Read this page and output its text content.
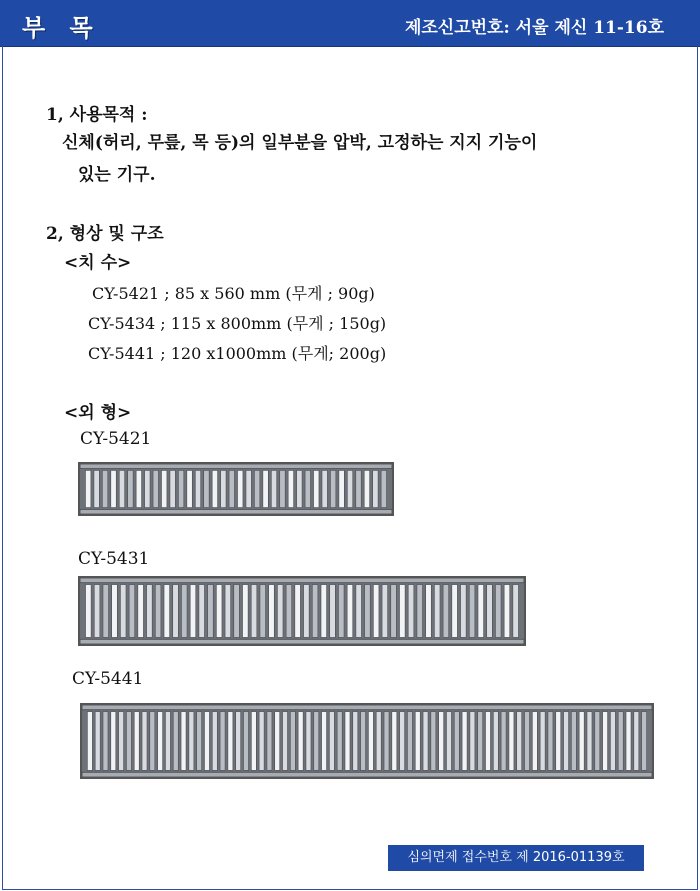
부 목	제조신고번호: 서울 제신 11-16호
1, 사용목적 :
신체(허리, 무릎, 목 등)의 일부분을 압박, 고정하는 지지 기능이
있는 기구.
2, 형상 및 구조
<치 수>
CY-5421 ; 85 x 560 mm (무게 ; 90g)
CY-5434 ; 115 x 800mm (무게 ; 150g)
CY-5441 ; 120 x1000mm (무게; 200g)
<외 형>
CY-5421
CY-5431
CY-5441
심의면제 접수번호 제 2016-01139호
